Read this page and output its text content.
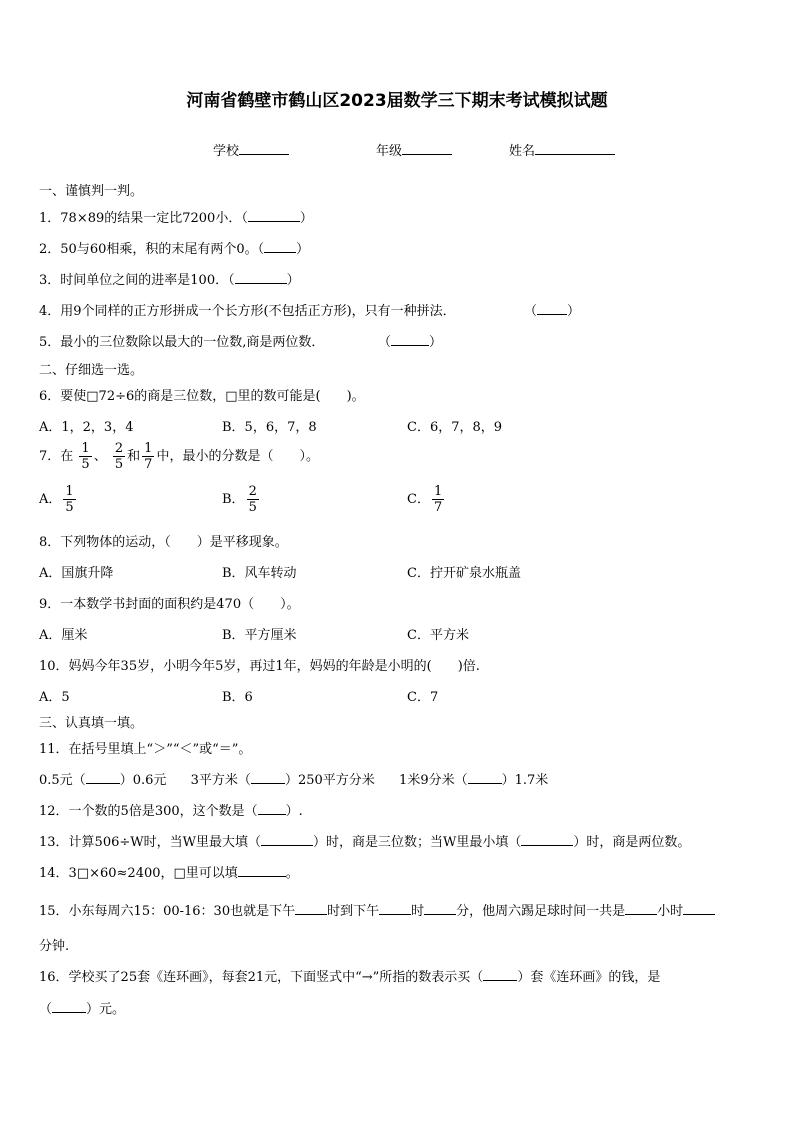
河南省鹤壁市鹤山区2023届数学三下期末考试模拟试题
学校	年级	姓名
一、谨慎判一判。
1．78×89的结果一定比7200小．（	）
2．50与60相乘，积的末尾有两个0。（ ）
3．时间单位之间的进率是100．（	）
4．用9个同样的正方形拼成一个长方形(不包括正方形)，只有一种拼法．	（ ）
5．最小的三位数除以最大的一位数,商是两位数．	（	）
二、仔细选一选。
6．要使□72÷6的商是三位数，□里的数可能是(　　)。
A．1，2，3，4	B．5，6，7，8	C．6，7，8，9
7．在 $\frac{1}{5}$ 、 $\frac{2}{5}$ 和 $\frac{1}{7}$ 中，最小的分数是（　　）。
A． $\frac{1}{5}$	B． $\frac{2}{5}$	C． $\frac{1}{7}$
8．下列物体的运动，（　　）是平移现象。
A．国旗升降	B．风车转动	C．拧开矿泉水瓶盖
9．一本数学书封面的面积约是470（　　）。
A．厘米	B．平方厘米	C．平方米
10．妈妈今年35岁，小明今年5岁，再过1年，妈妈的年龄是小明的(　　)倍.
A．5	B．6	C．7
三、认真填一填。
11．在括号里填上“＞”“＜”或“＝”。
0.5元（	）0.6元 3平方米（	）250平方分米 1米9分米（	）1.7米
12．一个数的5倍是300，这个数是（ ）.
13．计算506÷W时，当W里最大填（	）时，商是三位数；当W里最小填（	）时，商是两位数。
14．3□×60≈2400，□里可以填	。
15．小东每周六15：00-16：30也就是下午 时到下午 时 分，他周六踢足球时间一共是 小时
分钟.
16．学校买了25套《连环画》，每套21元，下面竖式中“→”所指的数表示买（	）套《连环画》的钱，是
（	）元。
